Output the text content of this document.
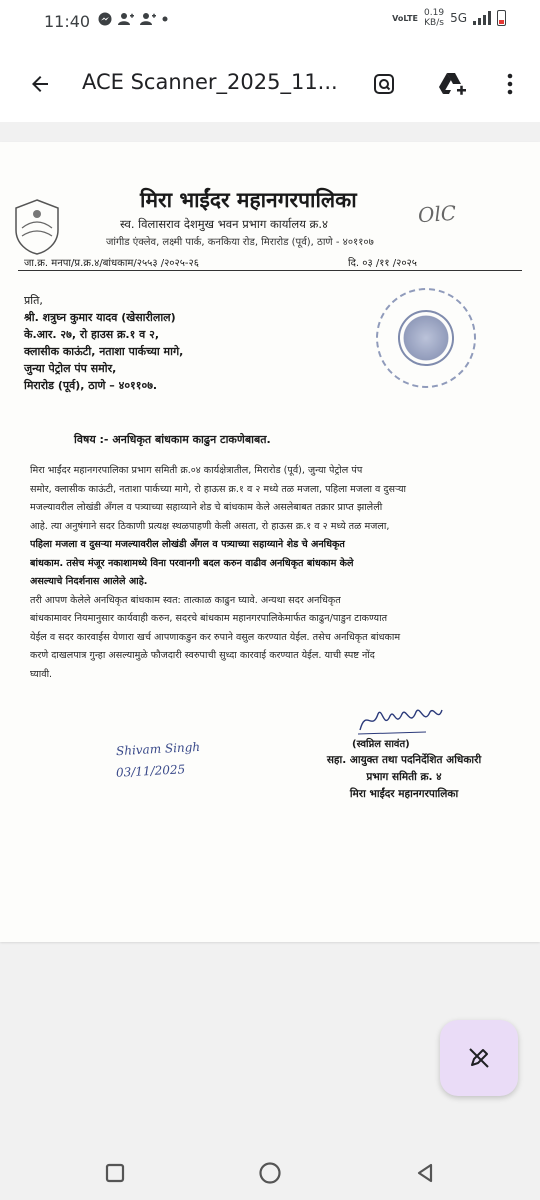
11:40	VoLTE 0.19
KB/s 5G
ACE Scanner_2025_11...
मिरा भाईंदर महानगरपालिका
स्व. विलासराव देशमुख भवन प्रभाग कार्यालय क्र.४
जांगीड एंक्लेव, लक्ष्मी पार्क, कनकिया रोड, मिरारोड (पूर्व), ठाणे - ४०११०७
OlC
जा.क्र. मनपा/प्र.क्र.४/बांधकाम/२५५३ /२०२५-२६	दि. ०३ /११ /२०२५
प्रति,
श्री. शत्रुघ्न कुमार यादव (खेसारीलाल)
के.आर. २७, रो हाउस क्र.१ व २,
क्लासीक काऊंटी, नताशा पार्कच्या मागे,
जुन्या पेट्रोल पंप समोर,
मिरारोड (पूर्व), ठाणे – ४०११०७.
विषय :- अनधिकृत बांधकाम काढुन टाकणेबाबत.
मिरा भाईंदर महानगरपालिका प्रभाग समिती क्र.०४ कार्यक्षेत्रातील, मिरारोड (पूर्व), जुन्या पेट्रोल पंप
समोर, क्लासीक काऊंटी, नताशा पार्कच्या मागे, रो हाऊस क्र.१ व २ मध्ये तळ मजला, पहिला मजला व दुसऱ्या
मजल्यावरील लोखंडी अँगल व पत्र्याच्या सहाय्याने शेड चे बांधकाम केले असलेबाबत तक्रार प्राप्त झालेली
आहे. त्या अनुषंगाने सदर ठिकाणी प्रत्यक्ष स्थळपाहणी केली असता, रो हाऊस क्र.१ व २ मध्ये तळ मजला,
पहिला मजला व दुसऱ्या मजल्यावरील लोखंडी अँगल व पत्र्याच्या सहाय्याने शेड चे अनधिकृत
बांधकाम. तसेच मंजूर नकाशामध्ये विना परवानगी बदल करुन वाढीव अनधिकृत बांधकाम केले
असल्याचे निदर्शनास आलेले आहे.
तरी आपण केलेले अनधिकृत बांधकाम स्वत: तात्काळ काढुन घ्यावे. अन्यथा सदर अनधिकृत
बांधकामावर नियमानुसार कार्यवाही करुन, सदरचे बांधकाम महानगरपालिकेमार्फत काढुन/पाडुन टाकण्यात
येईल व सदर कारवाईस येणारा खर्च आपणाकडुन कर रुपाने वसुल करण्यात येईल. तसेच अनधिकृत बांधकाम
करणे दाखलपात्र गुन्हा असल्यामुळे फौजदारी स्वरुपाची सुध्दा कारवाई करण्यात येईल. याची स्पष्ट नोंद
घ्यावी.
(स्वप्निल सावंत)
सहा. आयुक्त तथा पदनिर्देशित अधिकारी
प्रभाग समिती क्र. ४
मिरा भाईंदर महानगरपालिका
Shivam Singh
03/11/2025
